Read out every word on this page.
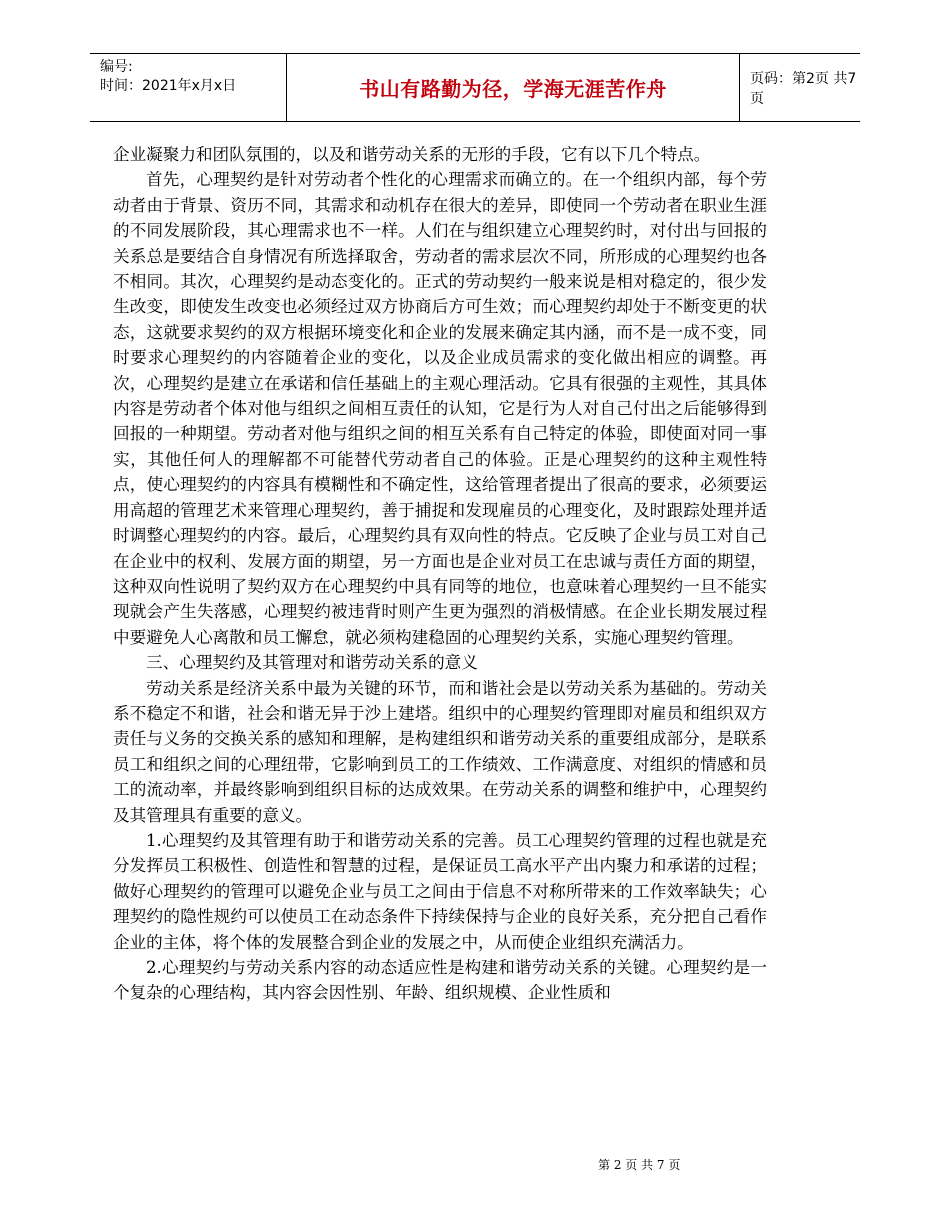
编号:
时间：2021年x月x日	书山有路勤为径，学海无涯苦作舟	页码：第2页 共7页

企业凝聚力和团队氛围的，以及和谐劳动关系的无形的手段，它有以下几个特点。

首先，心理契约是针对劳动者个性化的心理需求而确立的。在一个组织内部，每个劳动者由于背景、资历不同，其需求和动机存在很大的差异，即使同一个劳动者在职业生涯的不同发展阶段，其心理需求也不一样。人们在与组织建立心理契约时，对付出与回报的关系总是要结合自身情况有所选择取舍，劳动者的需求层次不同，所形成的心理契约也各不相同。其次，心理契约是动态变化的。正式的劳动契约一般来说是相对稳定的，很少发生改变，即使发生改变也必须经过双方协商后方可生效；而心理契约却处于不断变更的状态，这就要求契约的双方根据环境变化和企业的发展来确定其内涵，而不是一成不变，同时要求心理契约的内容随着企业的变化，以及企业成员需求的变化做出相应的调整。再次，心理契约是建立在承诺和信任基础上的主观心理活动。它具有很强的主观性，其具体内容是劳动者个体对他与组织之间相互责任的认知，它是行为人对自己付出之后能够得到回报的一种期望。劳动者对他与组织之间的相互关系有自己特定的体验，即使面对同一事实，其他任何人的理解都不可能替代劳动者自己的体验。正是心理契约的这种主观性特点，使心理契约的内容具有模糊性和不确定性，这给管理者提出了很高的要求，必须要运用高超的管理艺术来管理心理契约，善于捕捉和发现雇员的心理变化，及时跟踪处理并适时调整心理契约的内容。最后，心理契约具有双向性的特点。它反映了企业与员工对自己在企业中的权利、发展方面的期望，另一方面也是企业对员工在忠诚与责任方面的期望，这种双向性说明了契约双方在心理契约中具有同等的地位，也意味着心理契约一旦不能实现就会产生失落感，心理契约被违背时则产生更为强烈的消极情感。在企业长期发展过程中要避免人心离散和员工懈怠，就必须构建稳固的心理契约关系，实施心理契约管理。

三、心理契约及其管理对和谐劳动关系的意义

劳动关系是经济关系中最为关键的环节，而和谐社会是以劳动关系为基础的。劳动关系不稳定不和谐，社会和谐无异于沙上建塔。组织中的心理契约管理即对雇员和组织双方责任与义务的交换关系的感知和理解，是构建组织和谐劳动关系的重要组成部分，是联系员工和组织之间的心理纽带，它影响到员工的工作绩效、工作满意度、对组织的情感和员工的流动率，并最终影响到组织目标的达成效果。在劳动关系的调整和维护中，心理契约及其管理具有重要的意义。

1.心理契约及其管理有助于和谐劳动关系的完善。员工心理契约管理的过程也就是充分发挥员工积极性、创造性和智慧的过程，是保证员工高水平产出内聚力和承诺的过程；做好心理契约的管理可以避免企业与员工之间由于信息不对称所带来的工作效率缺失；心理契约的隐性规约可以使员工在动态条件下持续保持与企业的良好关系，充分把自己看作企业的主体，将个体的发展整合到企业的发展之中，从而使企业组织充满活力。

2.心理契约与劳动关系内容的动态适应性是构建和谐劳动关系的关键。心理契约是一个复杂的心理结构，其内容会因性别、年龄、组织规模、企业性质和

第 2 页 共 7 页
